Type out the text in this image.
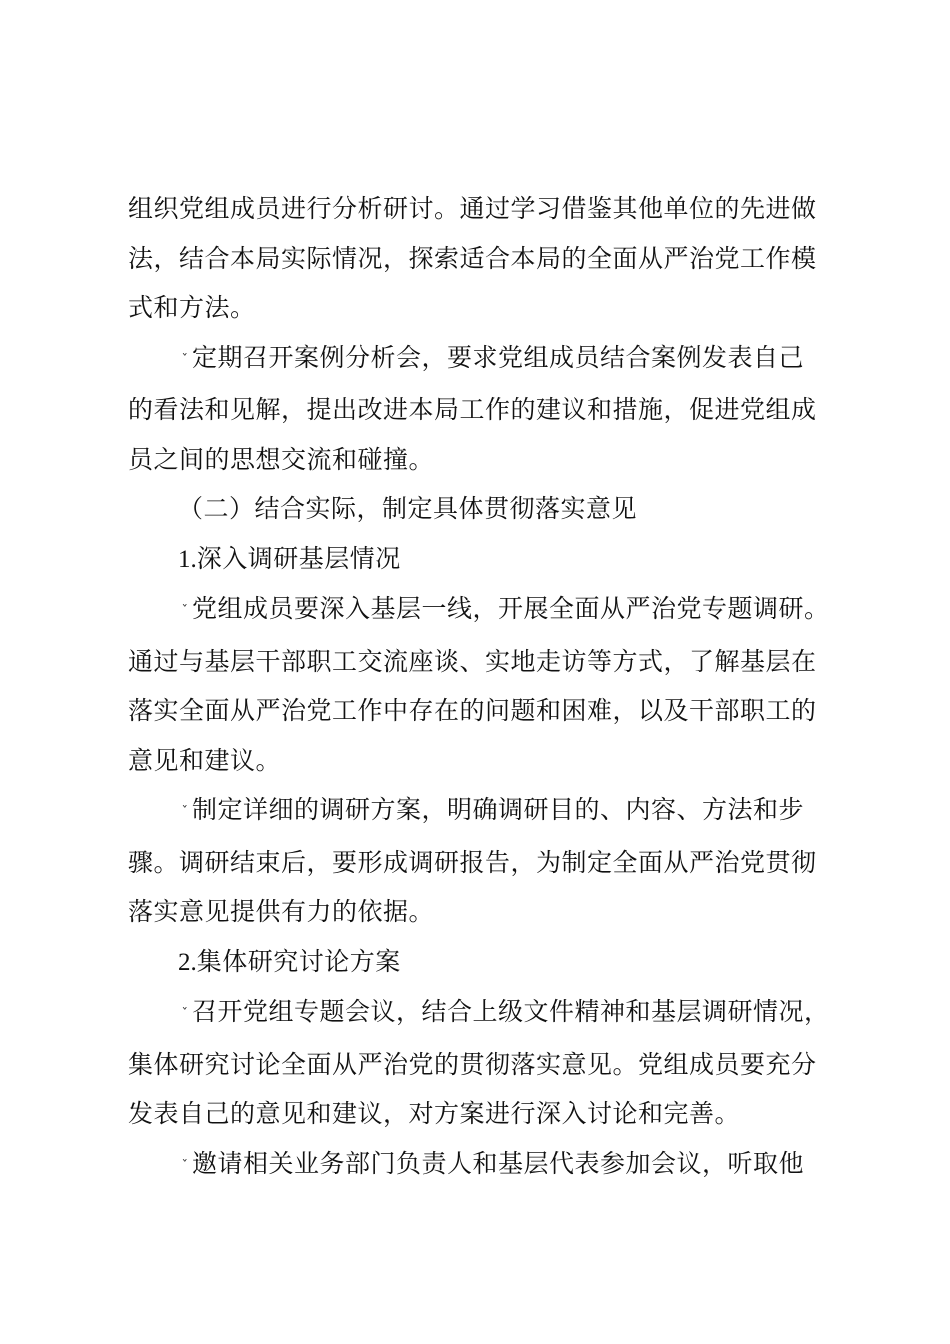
组织党组成员进行分析研讨。通过学习借鉴其他单位的先进做

法，结合本局实际情况，探索适合本局的全面从严治党工作模

式和方法。

ˇ 定期召开案例分析会，要求党组成员结合案例发表自己

的看法和见解，提出改进本局工作的建议和措施，促进党组成

员之间的思想交流和碰撞。

（二）结合实际，制定具体贯彻落实意见

1.深入调研基层情况

ˇ 党组成员要深入基层一线，开展全面从严治党专题调研。

通过与基层干部职工交流座谈、实地走访等方式，了解基层在

落实全面从严治党工作中存在的问题和困难，以及干部职工的

意见和建议。

ˇ 制定详细的调研方案，明确调研目的、内容、方法和步

骤。调研结束后，要形成调研报告，为制定全面从严治党贯彻

落实意见提供有力的依据。

2.集体研究讨论方案

ˇ 召开党组专题会议，结合上级文件精神和基层调研情况，

集体研究讨论全面从严治党的贯彻落实意见。党组成员要充分

发表自己的意见和建议，对方案进行深入讨论和完善。

ˇ 邀请相关业务部门负责人和基层代表参加会议，听取他
